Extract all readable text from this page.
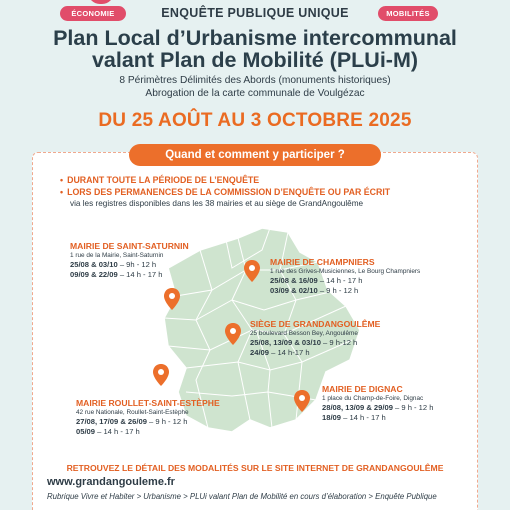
ÉCONOMIE	MOBILITÉS
ENQUÊTE PUBLIQUE UNIQUE
Plan Local d’Urbanisme intercommunal
valant Plan de Mobilité (PLUi-M)
8 Périmètres Délimités des Abords (monuments historiques)
Abrogation de la carte communale de Voulgézac
DU 25 AOÛT AU 3 OCTOBRE 2025
Quand et comment y participer ?
• DURANT TOUTE LA PÉRIODE DE L’ENQUÊTE
• LORS DES PERMANENCES DE LA COMMISSION D’ENQUÊTE OU PAR ÉCRIT
via les registres disponibles dans les 38 mairies et au siège de GrandAngoulême
MAIRIE DE SAINT-SATURNIN
1 rue de la Mairie, Saint-Saturnin
25/08 & 03/10 – 9h - 12 h
09/09 & 22/09 – 14 h - 17 h
MAIRIE DE CHAMPNIERS
1 rue des Grives-Musiciennes, Le Bourg Champniers
25/08 & 16/09 – 14 h - 17 h
03/09 & 02/10 – 9 h - 12 h
SIÈGE DE GRANDANGOULÊME
25 boulevard Besson Bey, Angoulême
25/08, 13/09 & 03/10 – 9 h-12 h
24/09 – 14 h-17 h
MAIRIE ROULLET-SAINT-ESTÈPHE
42 rue Nationale, Roullet-Saint-Estèphe
27/08, 17/09 & 26/09 – 9 h - 12 h
05/09 – 14 h - 17 h
MAIRIE DE DIGNAC
1 place du Champ-de-Foire, Dignac
28/08, 13/09 & 29/09 – 9 h - 12 h
18/09 – 14 h - 17 h
RETROUVEZ LE DÉTAIL DES MODALITÉS SUR LE SITE INTERNET DE GRANDANGOULÊME
www.grandangouleme.fr
Rubrique Vivre et Habiter > Urbanisme > PLUi valant Plan de Mobilité en cours d’élaboration > Enquête Publique
